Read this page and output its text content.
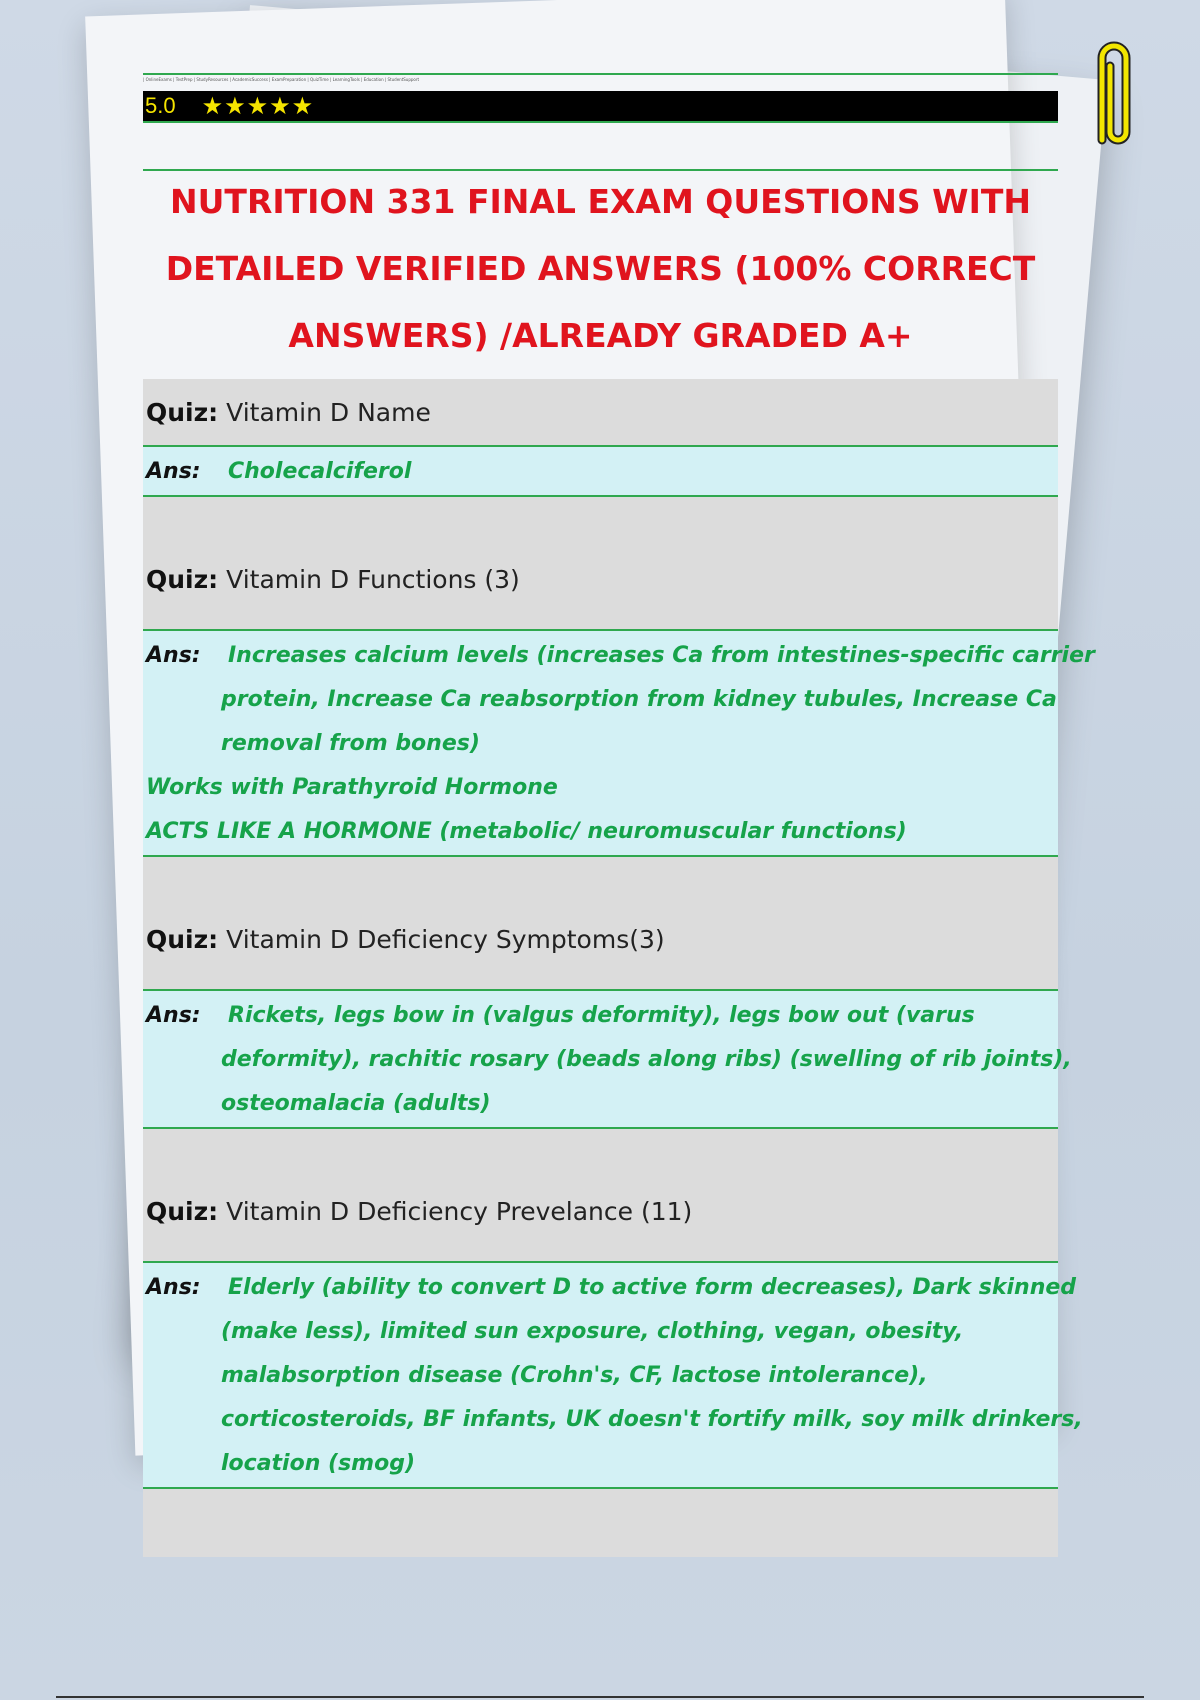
| OnlineExams | TestPrep | StudyResources | AcademicSuccess | ExamPreparation | QuizTime | LearningTools | Education | StudentSupport
5.0 ★★★★★
NUTRITION 331 FINAL EXAM QUESTIONS WITH
DETAILED VERIFIED ANSWERS (100% CORRECT
ANSWERS) /ALREADY GRADED A+
Quiz: Vitamin D Name
Ans:	Cholecalciferol
Quiz: Vitamin D Functions (3)
Ans:	Increases calcium levels (increases Ca from intestines-specific carrier
protein, Increase Ca reabsorption from kidney tubules, Increase Ca
removal from bones)
Works with Parathyroid Hormone
ACTS LIKE A HORMONE (metabolic/ neuromuscular functions)
Quiz: Vitamin D Deficiency Symptoms(3)
Ans:	Rickets, legs bow in (valgus deformity), legs bow out (varus
deformity), rachitic rosary (beads along ribs) (swelling of rib joints),
osteomalacia (adults)
Quiz: Vitamin D Deficiency Prevelance (11)
Ans:	Elderly (ability to convert D to active form decreases), Dark skinned
(make less), limited sun exposure, clothing, vegan, obesity,
malabsorption disease (Crohn's, CF, lactose intolerance),
corticosteroids, BF infants, UK doesn't fortify milk, soy milk drinkers,
location (smog)
